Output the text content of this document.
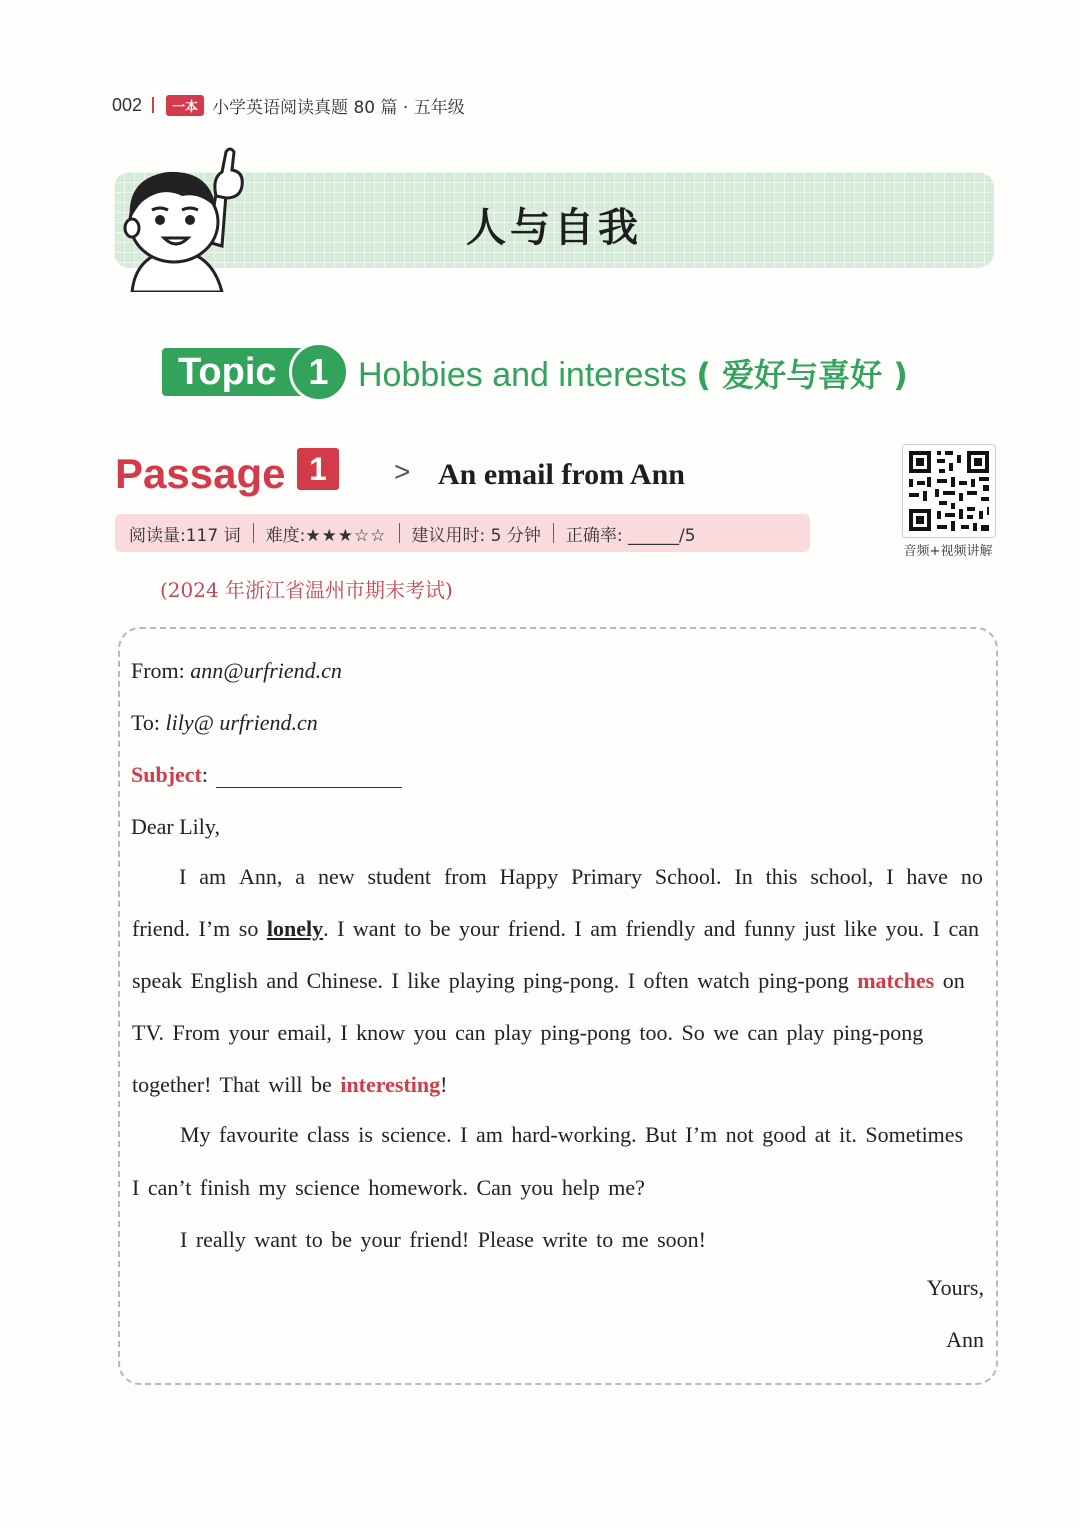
002	一本 小学英语阅读真题 80 篇 · 五年级
人与自我
Topic 1 Hobbies and interests ( 爱好与喜好 )
Passage 1	> An email from Ann
阅读量:117 词	难度:★★★☆☆	建议用时: 5 分钟	正确率: ______/5
音频+视频讲解
(2024 年浙江省温州市期末考试)
From: ann@urfriend.cn
To: lily@ urfriend.cn
Subject:
Dear Lily,
I am Ann, a new student from Happy Primary School. In this school, I have no
friend. I’m so lonely. I want to be your friend. I am friendly and funny just like you. I can
speak English and Chinese. I like playing ping-pong. I often watch ping-pong matches on
TV. From your email, I know you can play ping-pong too. So we can play ping-pong
together! That will be interesting!
My favourite class is science. I am hard-working. But I’m not good at it. Sometimes
I can’t finish my science homework. Can you help me?
I really want to be your friend! Please write to me soon!
Yours,
Ann
